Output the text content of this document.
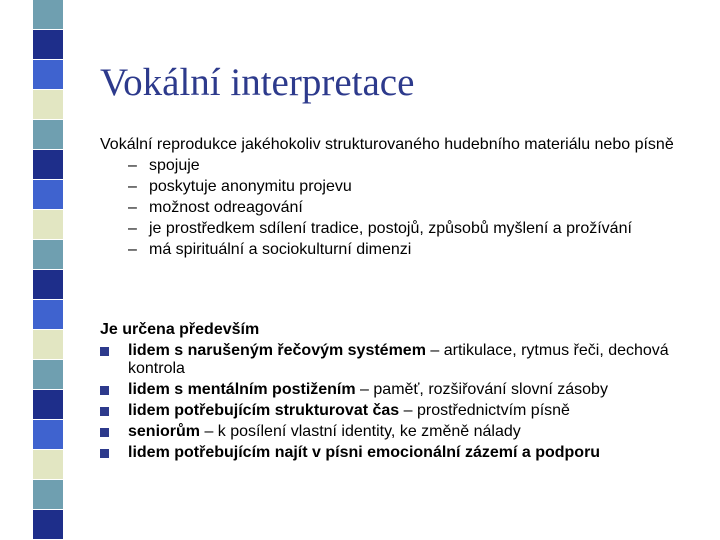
Vokální interpretace
Vokální reprodukce jakéhokoliv strukturovaného hudebního materiálu nebo písně
– spojuje
– poskytuje anonymitu projevu
– možnost odreagování
– je prostředkem sdílení tradice, postojů, způsobů myšlení a prožívání
– má spirituální a sociokulturní dimenzi
Je určena především
lidem s narušeným řečovým systémem – artikulace, rytmus řeči, dechová kontrola
lidem s mentálním postižením – paměť, rozšiřování slovní zásoby
lidem potřebujícím strukturovat čas – prostřednictvím písně
seniorům – k posílení vlastní identity, ke změně nálady
lidem potřebujícím najít v písni emocionální zázemí a podporu
